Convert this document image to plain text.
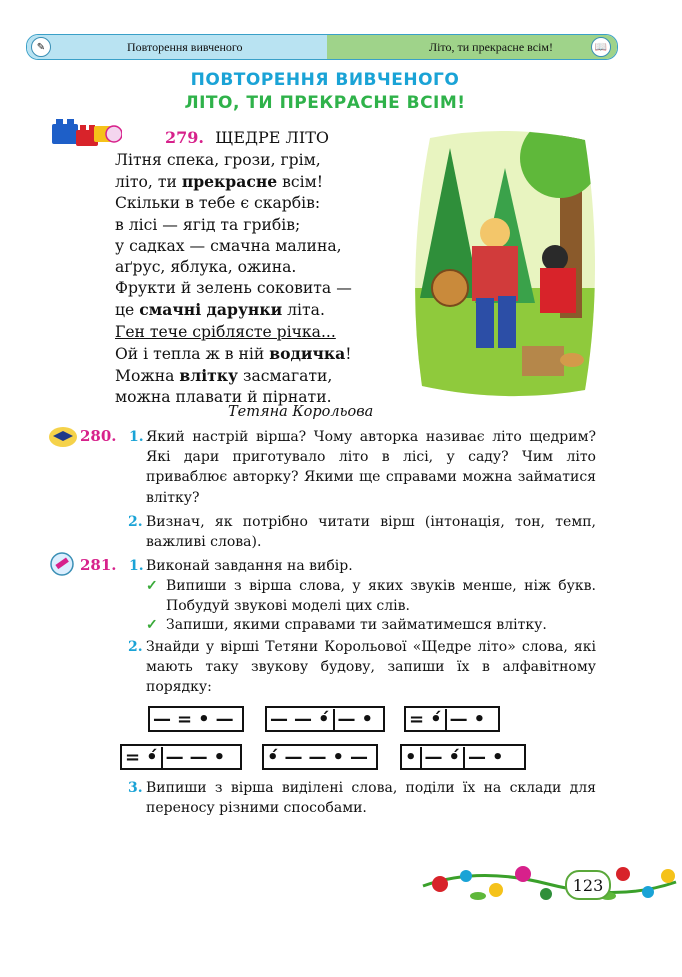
✎	Повторення вивченого	Літо, ти прекрасне всім!	📖
ПОВТОРЕННЯ ВИВЧЕНОГО
ЛІТО, ТИ ПРЕКРАСНЕ ВСІМ!
279. ЩЕДРЕ ЛІТО
Літня спека, грози, грім,
літо, ти прекрасне всім!
Скільки в тебе є скарбів:
в лісі — ягід та грибів;
у садках — смачна малина,
аґрус, яблука, ожина.
Фрукти й зелень соковита —
це смачні дарунки літа.
Ген тече сріблясте річка...
Ой і тепла ж в ній водичка!
Можна влітку засмагати,
можна плавати й пірнати.
Тетяна Корольова
280. 1. Який настрій вірша? Чому авторка називає літо щедрим? Які дари приготувало літо в лісі, у саду? Чим літо приваблює авторку? Якими ще справами можна займатися влітку?
2. Визнач, як потрібно читати вірш (інтонація, тон, темп, важливі слова).
281. 1. Виконай завдання на вибір.
✓ Випиши з вірша слова, у яких звуків менше, ніж букв. Побудуй звукові моделі цих слів.
✓ Запиши, якими справами ти займатимешся влітку.
2. Знайди у вірші Тетяни Корольової «Щедре літо» слова, які мають таку звукову будову, запиши їх в алфавітному порядку:
— = • — — — •́ — • = •́ — •
= •́ — — • •́ — — • — • — •́ — •
3. Випиши з вірша виділені слова, поділи їх на склади для переносу різними способами.
123
